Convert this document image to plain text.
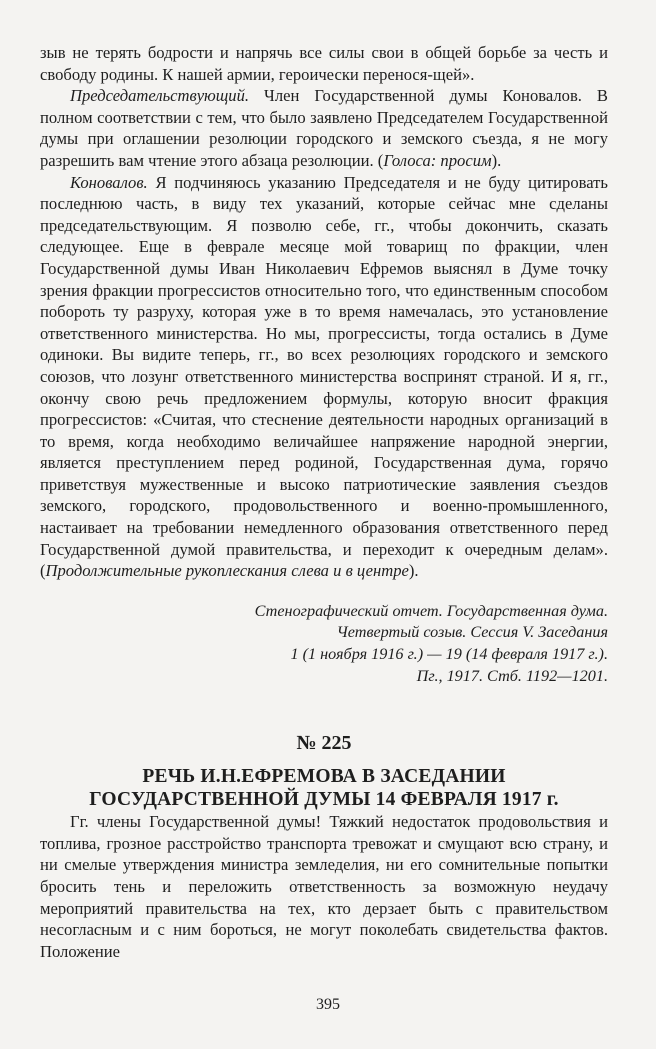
зыв не терять бодрости и напрячь все силы свои в общей борьбе за честь и свободу родины. К нашей армии, героически перенося-щей».

Председательствующий. Член Государственной думы Коновалов. В полном соответствии с тем, что было заявлено Председателем Государственной думы при оглашении резолюции городского и земского съезда, я не могу разрешить вам чтение этого абзаца резолюции. (Голоса: просим).

Коновалов. Я подчиняюсь указанию Председателя и не буду цитировать последнюю часть, в виду тех указаний, которые сейчас мне сделаны председательствующим. Я позволю себе, гг., чтобы докончить, сказать следующее. Еще в феврале месяце мой товарищ по фракции, член Государственной думы Иван Николаевич Ефремов выяснял в Думе точку зрения фракции прогрессистов относительно того, что единственным способом побороть ту разруху, которая уже в то время намечалась, это установление ответственного министерства. Но мы, прогрессисты, тогда остались в Думе одиноки. Вы видите теперь, гг., во всех резолюциях городского и земского союзов, что лозунг ответственного министерства воспринят страной. И я, гг., окончу свою речь предложением формулы, которую вносит фракция прогрессистов: «Считая, что стеснение деятельности народных организаций в то время, когда необходимо величайшее напряжение народной энергии, является преступлением перед родиной, Государственная дума, горячо приветствуя мужественные и высоко патриотические заявления съездов земского, городского, продовольственного и военно-промышленного, настаивает на требовании немедленного образования ответственного перед Государственной думой правительства, и переходит к очередным делам». (Продолжительные рукоплескания слева и в центре).

Стенографический отчет. Государственная дума.
Четвертый созыв. Сессия V. Заседания
1 (1 ноября 1916 г.) — 19 (14 февраля 1917 г.).
Пг., 1917. Стб. 1192—1201.
№ 225
РЕЧЬ И.Н.ЕФРЕМОВА В ЗАСЕДАНИИ
ГОСУДАРСТВЕННОЙ ДУМЫ 14 ФЕВРАЛЯ 1917 г.

Гг. члены Государственной думы! Тяжкий недостаток продовольствия и топлива, грозное расстройство транспорта тревожат и смущают всю страну, и ни смелые утверждения министра земледелия, ни его сомнительные попытки бросить тень и переложить ответственность за возможную неудачу мероприятий правительства на тех, кто дерзает быть с правительством несогласным и с ним бороться, не могут поколебать свидетельства фактов. Положение

395
